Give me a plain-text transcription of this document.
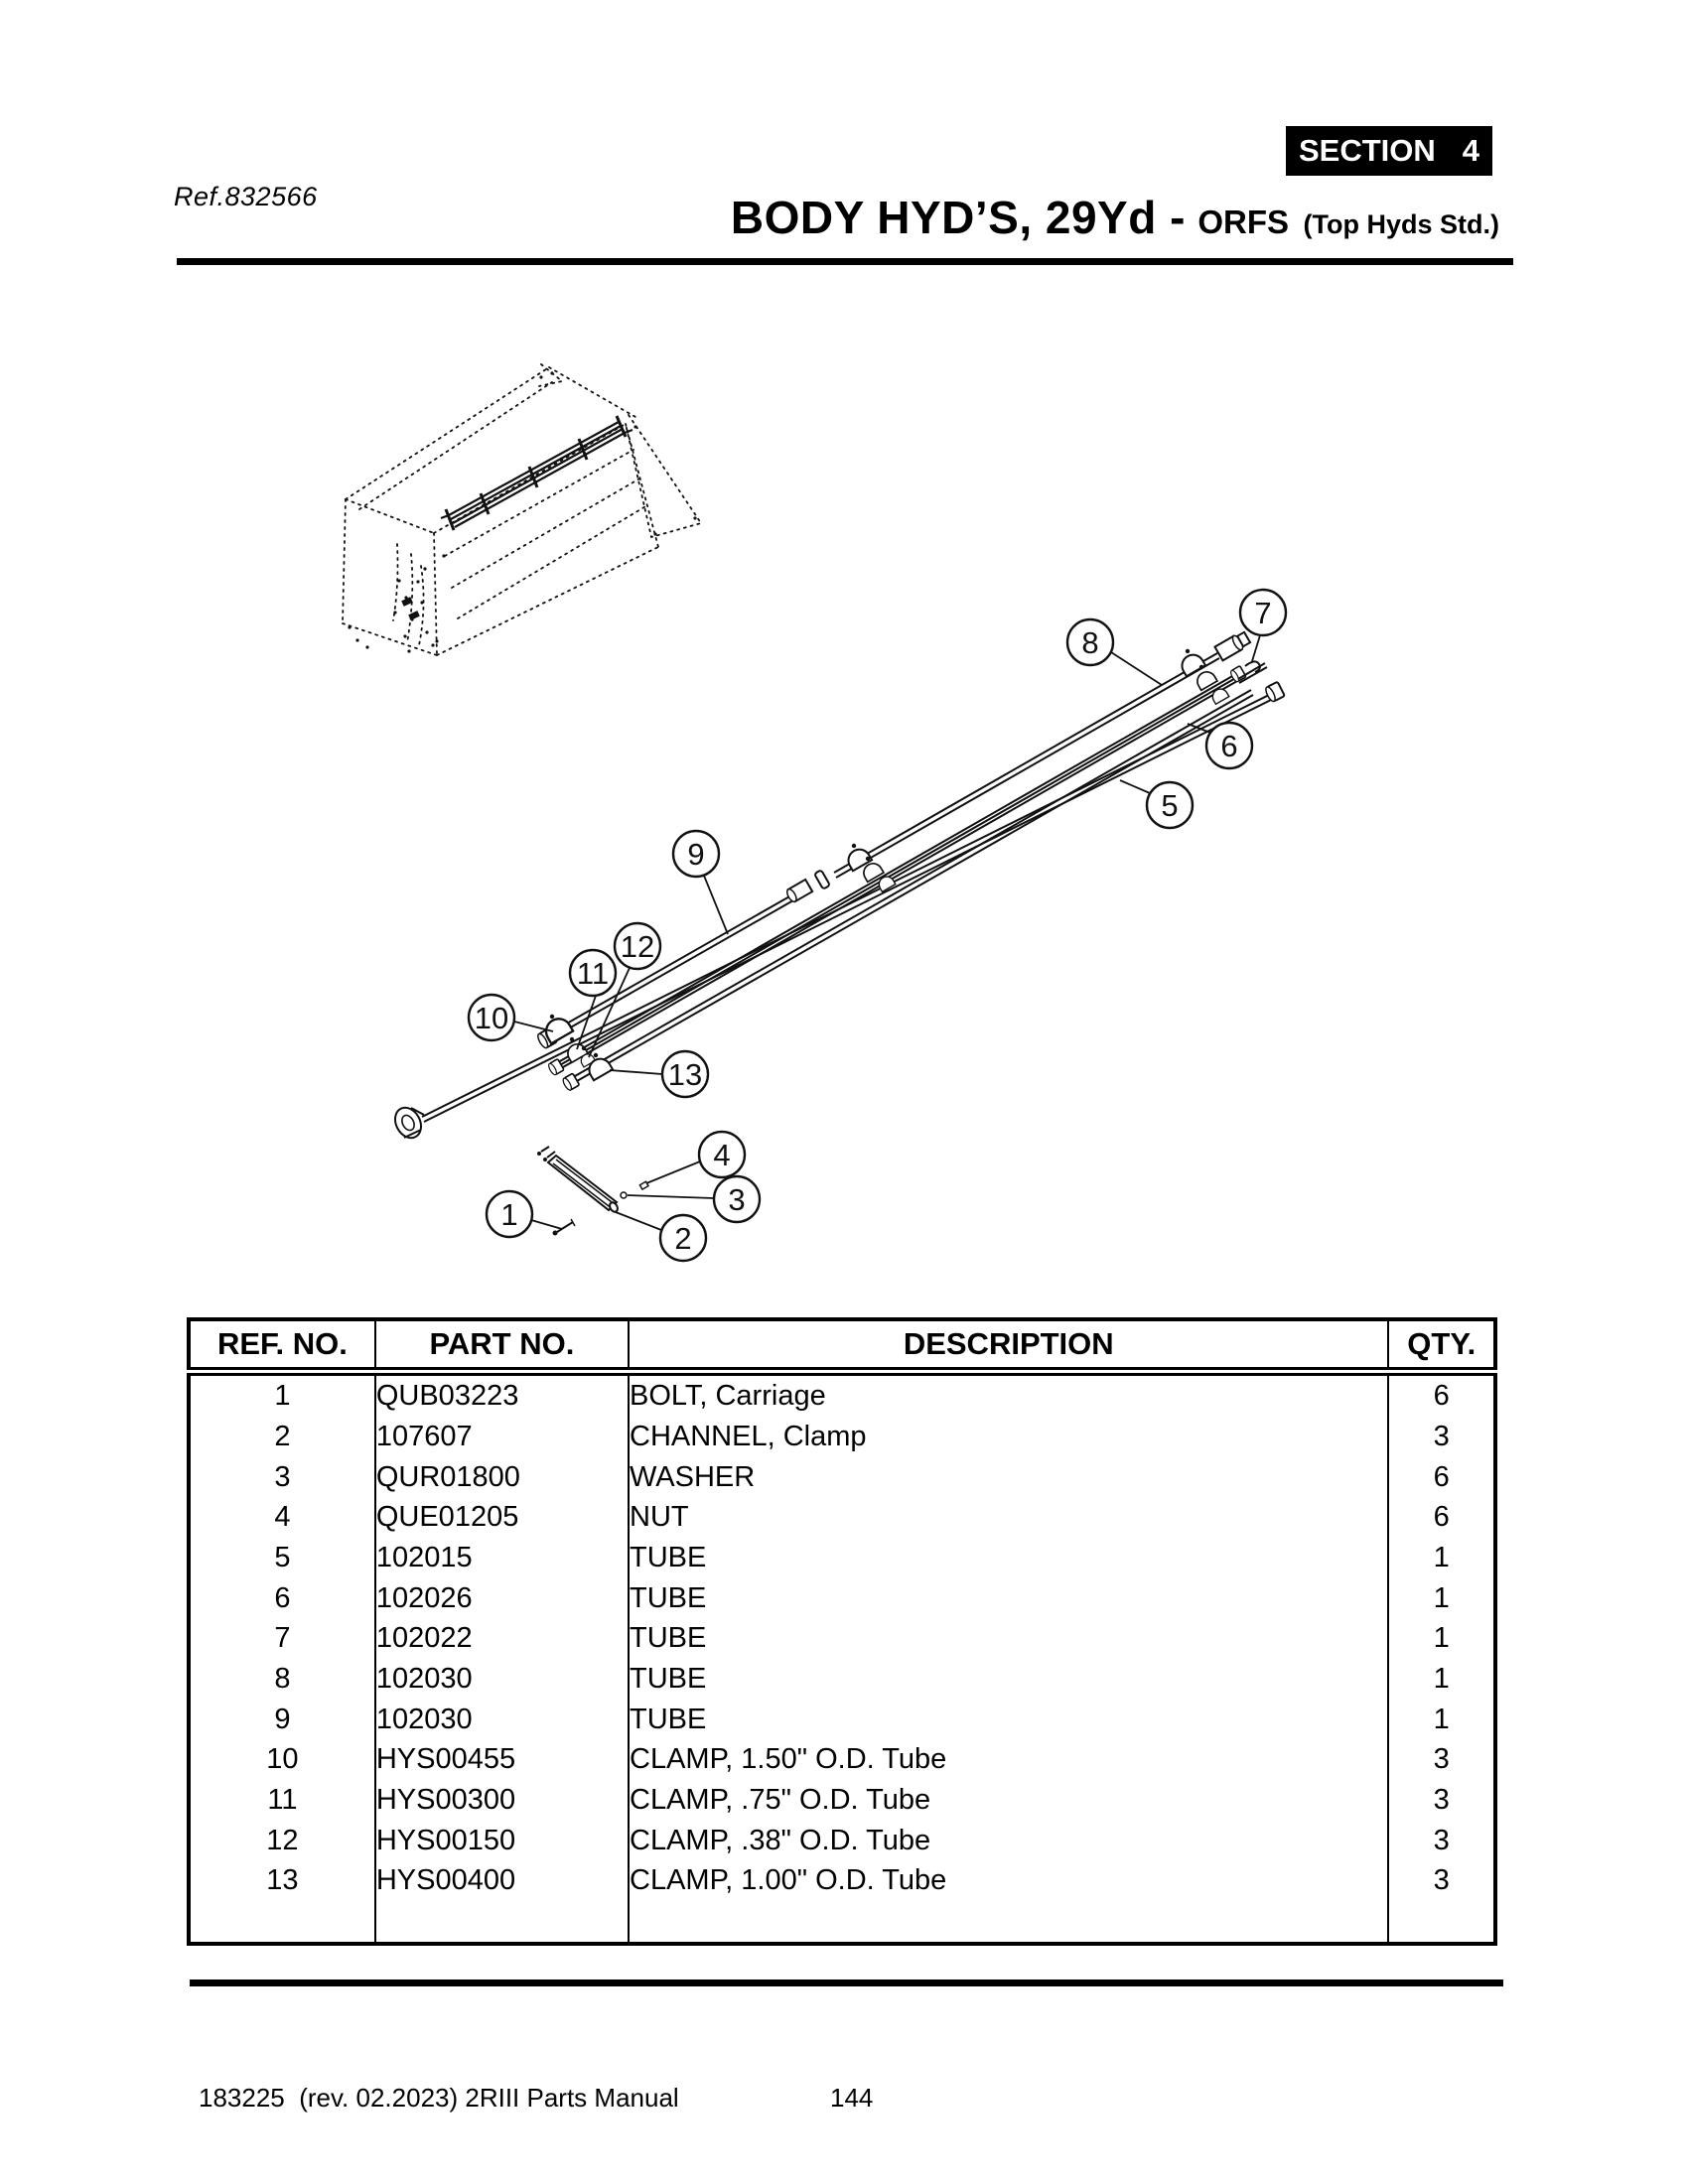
Ref.832566
SECTION 4
BODY HYD’S, 29Yd - ORFS (Top Hyds Std.)
1
2
3
4
5
6
7
8
9
10
11
12
13
REF. NO.	PART NO.	DESCRIPTION	QTY.
1	QUB03223	BOLT, Carriage	6
2	107607	CHANNEL, Clamp	3
3	QUR01800	WASHER	6
4	QUE01205	NUT	6
5	102015	TUBE	1
6	102026	TUBE	1
7	102022	TUBE	1
8	102030	TUBE	1
9	102030	TUBE	1
10	HYS00455	CLAMP, 1.50" O.D. Tube	3
11	HYS00300	CLAMP, .75" O.D. Tube	3
12	HYS00150	CLAMP, .38" O.D. Tube	3
13	HYS00400	CLAMP, 1.00" O.D. Tube	3

183225  (rev. 02.2023) 2RIII Parts Manual	144
